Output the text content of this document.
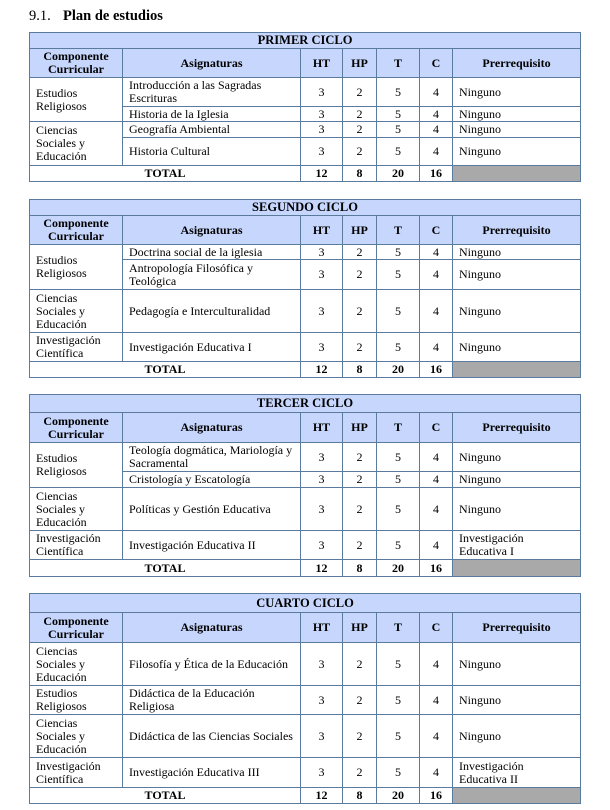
9.1. Plan de estudios
PRIMER CICLO						
Componente Curricular	Asignaturas	HT	HP	T	C	Prerrequisito
Estudios Religiosos	Introducción a las Sagradas Escrituras	3	2	5	4	Ninguno
	Historia de la Iglesia	3	2	5	4	Ninguno
Ciencias Sociales y Educación	Geografía Ambiental	3	2	5	4	Ninguno
	Historia Cultural	3	2	5	4	Ninguno
TOTAL		12	8	20	16	
SEGUNDO CICLO						
Componente Curricular	Asignaturas	HT	HP	T	C	Prerrequisito
Estudios Religiosos	Doctrina social de la iglesia	3	2	5	4	Ninguno
	Antropología Filosófica y Teológica	3	2	5	4	Ninguno
Ciencias Sociales y Educación	Pedagogía e Interculturalidad	3	2	5	4	Ninguno
Investigación Científica	Investigación Educativa I	3	2	5	4	Ninguno
TOTAL		12	8	20	16	
TERCER CICLO						
Componente Curricular	Asignaturas	HT	HP	T	C	Prerrequisito
Estudios Religiosos	Teología dogmática, Mariología y Sacramental	3	2	5	4	Ninguno
	Cristología y Escatología	3	2	5	4	Ninguno
Ciencias Sociales y Educación	Políticas y Gestión Educativa	3	2	5	4	Ninguno
Investigación Científica	Investigación Educativa II	3	2	5	4	Investigación Educativa I
TOTAL		12	8	20	16	
CUARTO CICLO						
Componente Curricular	Asignaturas	HT	HP	T	C	Prerrequisito
Ciencias Sociales y Educación	Filosofía y Ética de la Educación	3	2	5	4	Ninguno
Estudios Religiosos	Didáctica de la Educación Religiosa	3	2	5	4	Ninguno
Ciencias Sociales y Educación	Didáctica de las Ciencias Sociales	3	2	5	4	Ninguno
Investigación Científica	Investigación Educativa III	3	2	5	4	Investigación Educativa II
TOTAL		12	8	20	16	
